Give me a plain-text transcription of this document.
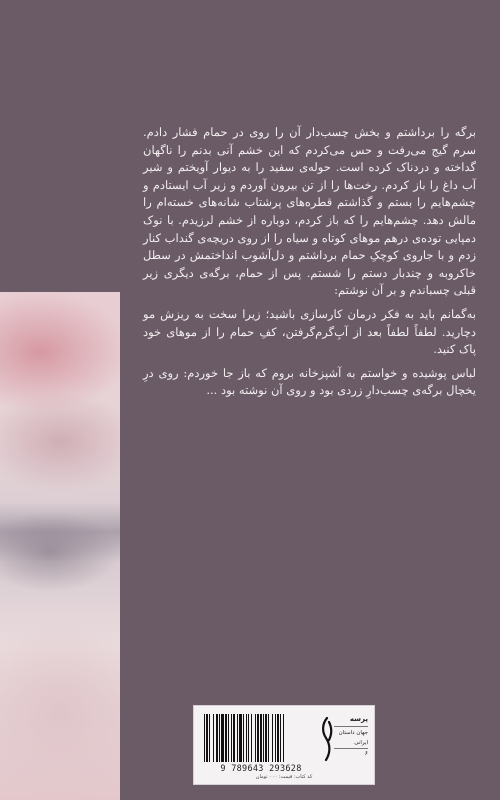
برگه را برداشتم و بخش چسب‌دار آن را روی در حمام فشار دادم. سرم گیج می‌رفت و حس می‌کردم که این خشم آنی بدنم را ناگهان گداخته و دردناک کرده است. حوله‌ی سفید را به دیوار آویختم و شیر آب داغ را باز کردم. رخت‌ها را از تن بیرون آوردم و زیر آب ایستادم و چشم‌هایم را بستم و گذاشتم قطره‌های پرشتاب شانه‌های خسته‌ام را مالش دهد. چشم‌هایم را که باز کردم، دوباره از خشم لرزیدم. با نوک دمپایی توده‌ی درهم موهای کوتاه و سیاه را از روی دریچه‌ی گنداب کنار زدم و با جاروی کوچکِ حمام برداشتم و دل‌آشوب انداختمش در سطل خاکروبه و چندبار دستم را شستم. پس از حمام، برگه‌ی دیگری زیر قبلی چسباندم و بر آن نوشتم:

به‌گمانم باید به فکر درمان کارسازی باشید؛ زیرا سخت به ریزش مو دچارید. لطفاً لطفاً بعد از آبِ‌گرم‌گرفتن، کفِ حمام را از موهای خود پاک کنید.

لباس پوشیده و خواستم به آشپزخانه بروم که باز جا خوردم: روی درِ یخچال برگه‌ی چسب‌دارِ زردی بود و روی آن نوشته بود ...

9 789643 293628
پرسه
جهان داستان ایرانی
۶
کد کتاب: قیمت: ۰۰۰ تومان
